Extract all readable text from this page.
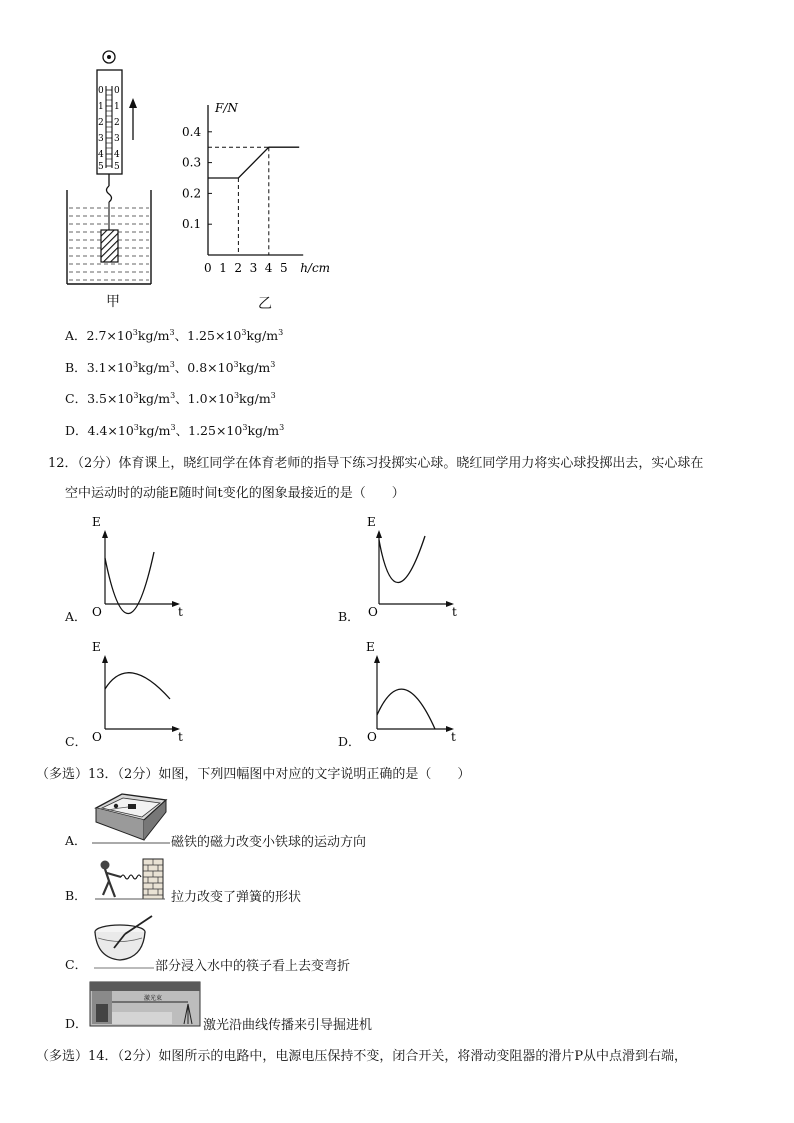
0
1
2
3
4
5
0
1
2
3
4
5
甲
0.1
0.2
0.3
0.4
0 1 2 3 4 5
F/N
h/cm
乙
A．$2.7\times 10^3kg/m^3$、$1.25\times 10^3kg/m^3$
B．$3.1\times 10^3kg/m^3$、$0.8\times 10^3kg/m^3$
C．$3.5\times 10^3kg/m^3$、$1.0\times 10^3kg/m^3$
D．$4.4\times 10^3kg/m^3$、$1.25\times 10^3kg/m^3$
12．（2分）体育课上，晓红同学在体育老师的指导下练习投掷实心球。晓红同学用力将实心球投掷出去，实心球在
空中运动时的动能E随时间t变化的图象最接近的是（　　）
A．
E
O	t	B．
E
O	t
C．
E
O	t	D．
E
O	t
（多选）13．（2分）如图，下列四幅图中对应的文字说明正确的是（　　）
A．	磁铁的磁力改变小铁球的运动方向
B．	拉力改变了弹簧的形状
C．	部分浸入水中的筷子看上去变弯折
D．
激光束
激光沿曲线传播来引导掘进机
（多选）14．（2分）如图所示的电路中，电源电压保持不变，闭合开关，将滑动变阻器的滑片P从中点滑到右端，
